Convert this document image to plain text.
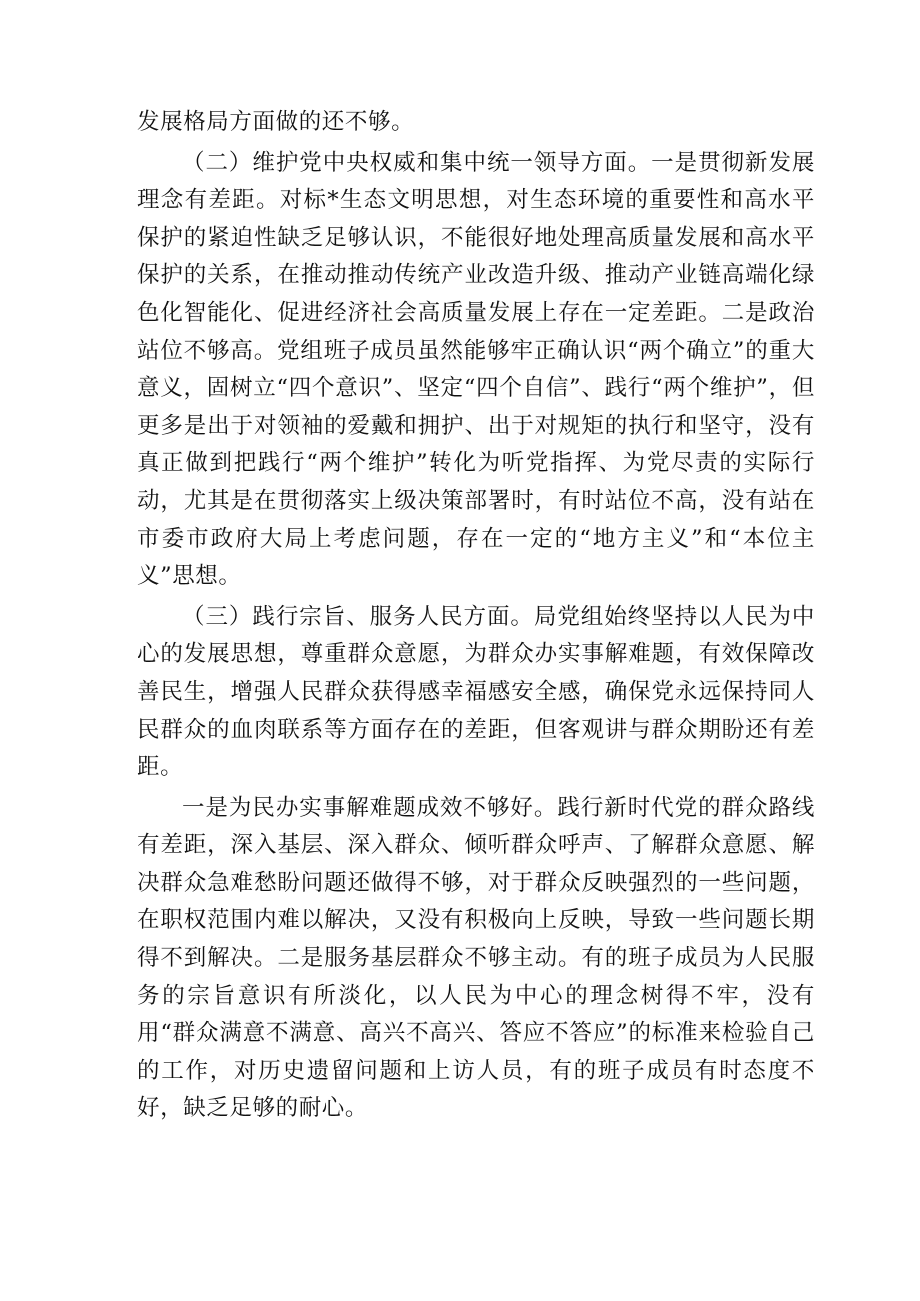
发展格局方面做的还不够。

（二）维护党中央权威和集中统一领导方面。一是贯彻新发展理念有差距。对标*生态文明思想，对生态环境的重要性和高水平保护的紧迫性缺乏足够认识，不能很好地处理高质量发展和高水平保护的关系，在推动推动传统产业改造升级、推动产业链高端化绿色化智能化、促进经济社会高质量发展上存在一定差距。二是政治站位不够高。党组班子成员虽然能够牢正确认识“两个确立”的重大意义，固树立“四个意识”、坚定“四个自信”、践行“两个维护”，但更多是出于对领袖的爱戴和拥护、出于对规矩的执行和坚守，没有真正做到把践行“两个维护”转化为听党指挥、为党尽责的实际行动，尤其是在贯彻落实上级决策部署时，有时站位不高，没有站在市委市政府大局上考虑问题，存在一定的“地方主义”和“本位主义”思想。

（三）践行宗旨、服务人民方面。局党组始终坚持以人民为中心的发展思想，尊重群众意愿，为群众办实事解难题，有效保障改善民生，增强人民群众获得感幸福感安全感，确保党永远保持同人民群众的血肉联系等方面存在的差距，但客观讲与群众期盼还有差距。

一是为民办实事解难题成效不够好。践行新时代党的群众路线有差距，深入基层、深入群众、倾听群众呼声、了解群众意愿、解决群众急难愁盼问题还做得不够，对于群众反映强烈的一些问题，在职权范围内难以解决，又没有积极向上反映，导致一些问题长期得不到解决。二是服务基层群众不够主动。有的班子成员为人民服务的宗旨意识有所淡化，以人民为中心的理念树得不牢，没有用“群众满意不满意、高兴不高兴、答应不答应”的标准来检验自己的工作，对历史遗留问题和上访人员，有的班子成员有时态度不好，缺乏足够的耐心。
